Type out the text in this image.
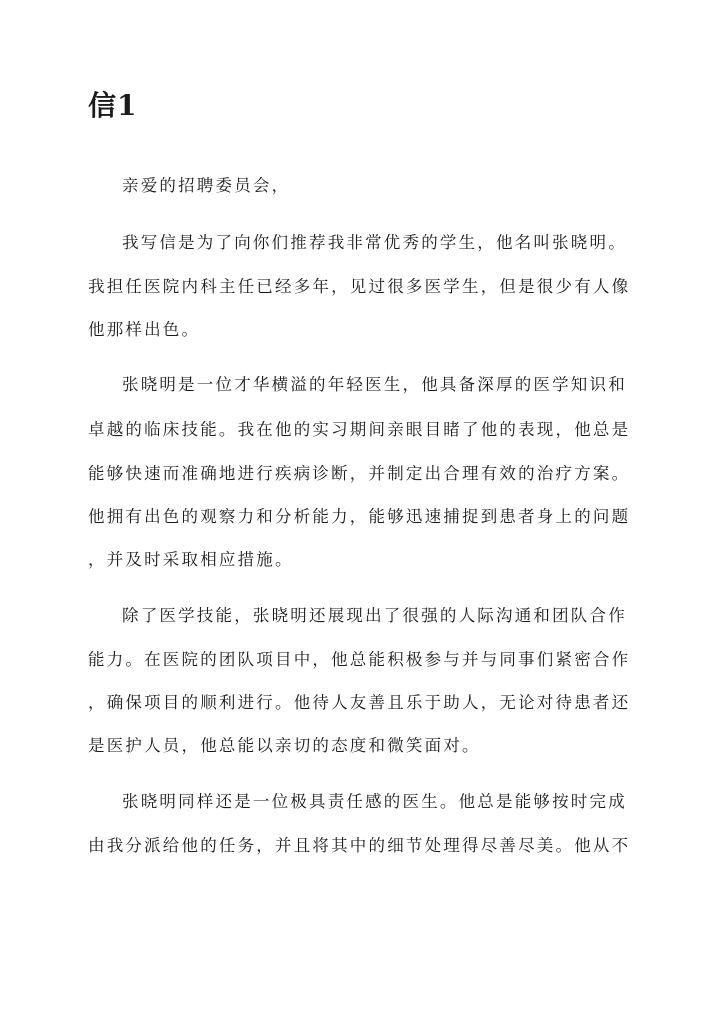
信1

亲爱的招聘委员会，

我写信是为了向你们推荐我非常优秀的学生，他名叫张晓明。

我担任医院内科主任已经多年，见过很多医学生，但是很少有人像

他那样出色。

张晓明是一位才华横溢的年轻医生，他具备深厚的医学知识和

卓越的临床技能。我在他的实习期间亲眼目睹了他的表现，他总是

能够快速而准确地进行疾病诊断，并制定出合理有效的治疗方案。

他拥有出色的观察力和分析能力，能够迅速捕捉到患者身上的问题

，并及时采取相应措施。

除了医学技能，张晓明还展现出了很强的人际沟通和团队合作

能力。在医院的团队项目中，他总能积极参与并与同事们紧密合作

，确保项目的顺利进行。他待人友善且乐于助人，无论对待患者还

是医护人员，他总能以亲切的态度和微笑面对。

张晓明同样还是一位极具责任感的医生。他总是能够按时完成

由我分派给他的任务，并且将其中的细节处理得尽善尽美。他从不
